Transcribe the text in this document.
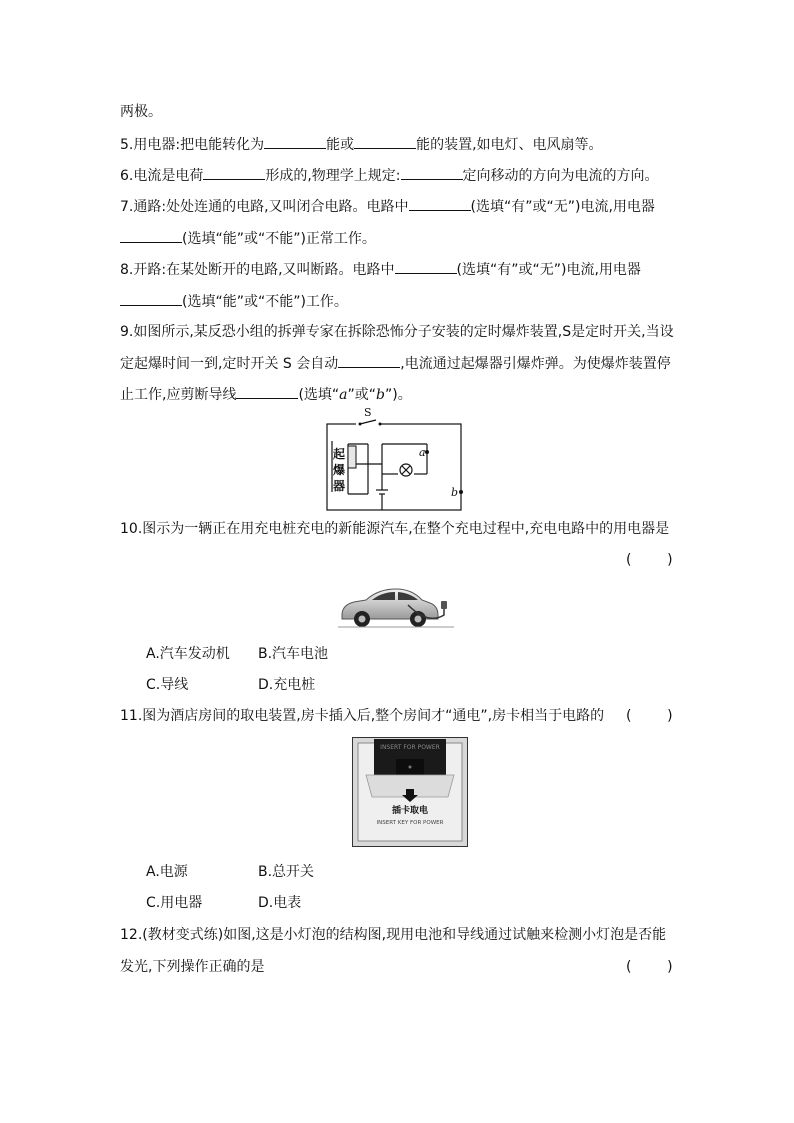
两极。
5.用电器:把电能转化为	能或	能的装置,如电灯、电风扇等。
6.电流是电荷	形成的,物理学上规定:	定向移动的方向为电流的方向。
7.通路:处处连通的电路,又叫闭合电路。电路中	(选填“有”或“无”)电流,用电器
(选填“能”或“不能”)正常工作。
8.开路:在某处断开的电路,又叫断路。电路中	(选填“有”或“无”)电流,用电器
(选填“能”或“不能”)工作。
9.如图所示,某反恐小组的拆弹专家在拆除恐怖分子安装的定时爆炸装置,S是定时开关,当设
定起爆时间一到,定时开关 S 会自动	,电流通过起爆器引爆炸弹。为使爆炸装置停
止工作,应剪断导线	(选填“a”或“b”)。
S
a
b
起
爆
器
10.图示为一辆正在用充电桩充电的新能源汽车,在整个充电过程中,充电电路中的用电器是
(        )
A.汽车发动机 B.汽车电池
C.导线	D.充电桩
11.图为酒店房间的取电装置,房卡插入后,整个房间才“通电”,房卡相当于电路的 (        )
INSERT FOR POWER
插卡取电
INSERT KEY FOR POWER
A.电源	B.总开关
C.用电器	D.电表
12.(教材变式练)如图,这是小灯泡的结构图,现用电池和导线通过试触来检测小灯泡是否能
发光,下列操作正确的是	(        )
